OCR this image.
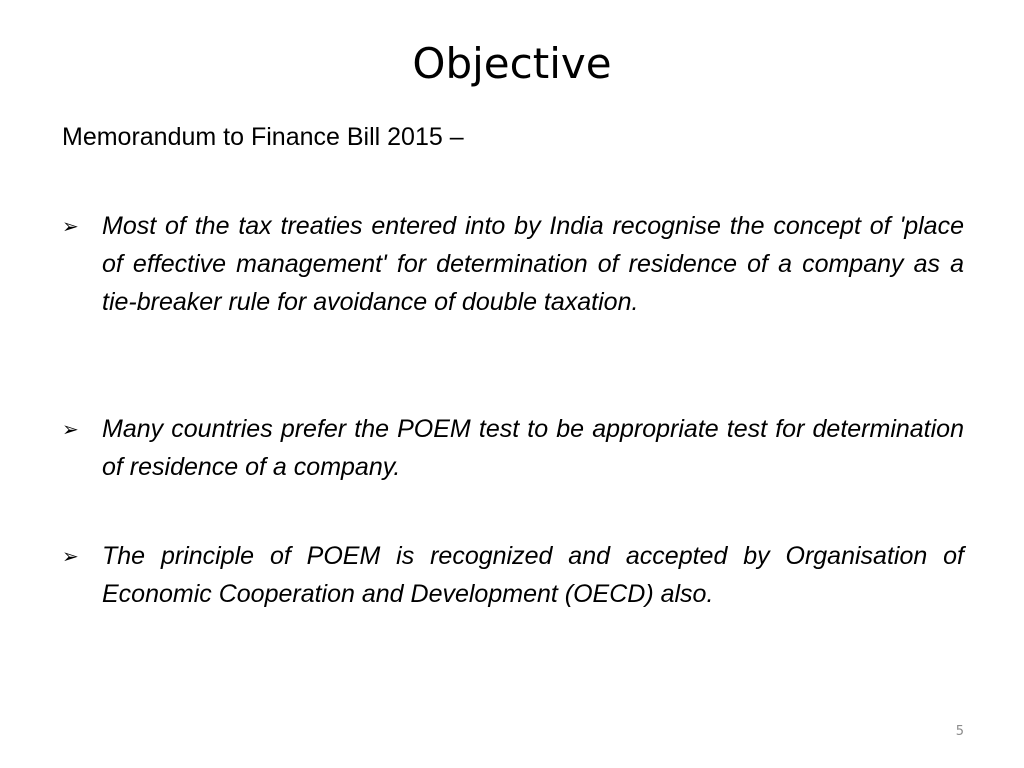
Objective

Memorandum to Finance Bill 2015 –

➢ Most of the tax treaties entered into by India recognise the concept of 'place of effective management' for determination of residence of a company as a tie-breaker rule for avoidance of double taxation.
➢ Many countries prefer the POEM test to be appropriate test for determination of residence of a company.
➢ The principle of POEM is recognized and accepted by Organisation of Economic Cooperation and Development (OECD) also.

5
